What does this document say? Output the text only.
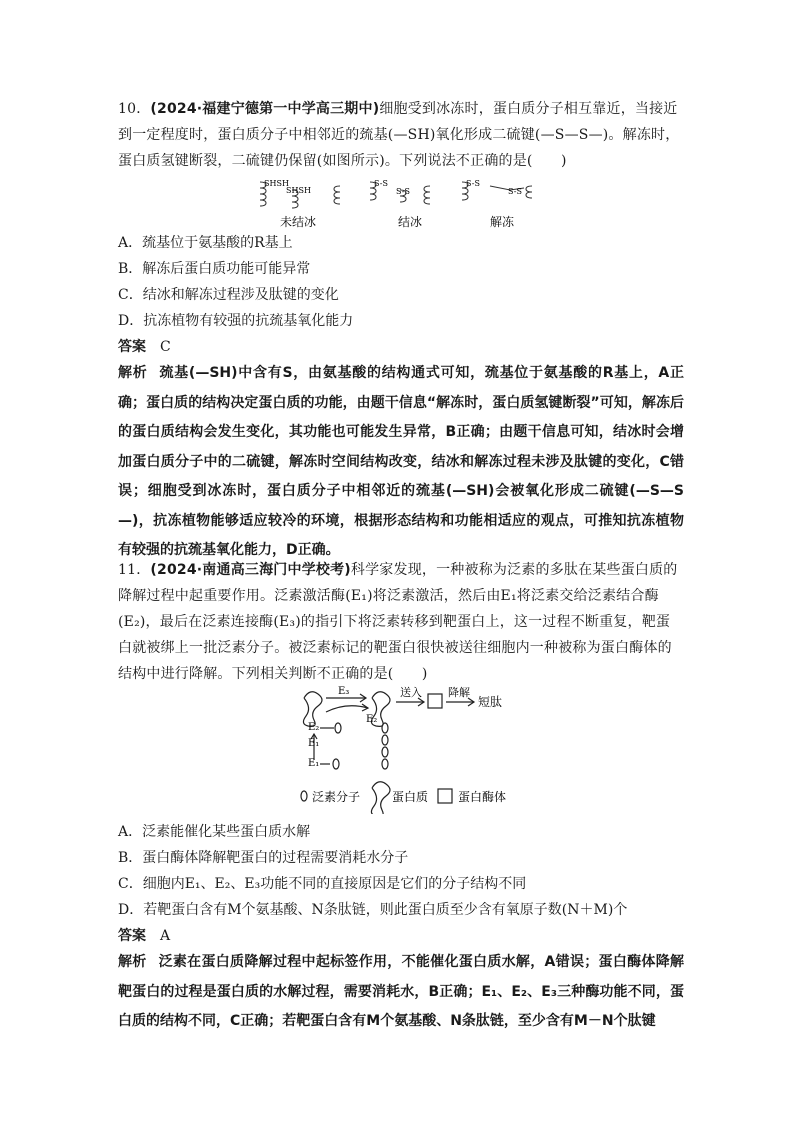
10．(2024·福建宁德第一中学高三期中)细胞受到冰冻时，蛋白质分子相互靠近，当接近到一定程度时，蛋白质分子中相邻近的巯基(—SH)氧化形成二硫键(—S—S—)。解冻时，蛋白质氢键断裂，二硫键仍保留(如图所示)。下列说法不正确的是(　　)
SHSH
SHSH
S-S
S-S
S-S
S-S
未结冰	结冰	解冻
A．巯基位于氨基酸的R基上
B．解冻后蛋白质功能可能异常
C．结冰和解冻过程涉及肽键的变化
D．抗冻植物有较强的抗巯基氧化能力
答案 C
解析 巯基(—SH)中含有S，由氨基酸的结构通式可知，巯基位于氨基酸的R基上，A正确；蛋白质的结构决定蛋白质的功能，由题干信息“解冻时，蛋白质氢键断裂”可知，解冻后的蛋白质结构会发生变化，其功能也可能发生异常，B正确；由题干信息可知，结冰时会增加蛋白质分子中的二硫键，解冻时空间结构改变，结冰和解冻过程未涉及肽键的变化，C错误；细胞受到冰冻时，蛋白质分子中相邻近的巯基(—SH)会被氧化形成二硫键(—S—S—)，抗冻植物能够适应较冷的环境，根据形态结构和功能相适应的观点，可推知抗冻植物有较强的抗巯基氧化能力，D正确。
11．(2024·南通高三海门中学校考)科学家发现，一种被称为泛素的多肽在某些蛋白质的降解过程中起重要作用。泛素激活酶(E₁)将泛素激活，然后由E₁将泛素交给泛素结合酶(E₂)，最后在泛素连接酶(E₃)的指引下将泛素转移到靶蛋白上，这一过程不断重复，靶蛋白就被绑上一批泛素分子。被泛素标记的靶蛋白很快被送往细胞内一种被称为蛋白酶体的结构中进行降解。下列相关判断不正确的是(　　)
E₃
E₂
E₂
E₁
E₁
送入 降解
短肽
泛素分子	蛋白质 蛋白酶体
A．泛素能催化某些蛋白质水解
B．蛋白酶体降解靶蛋白的过程需要消耗水分子
C．细胞内E₁、E₂、E₃功能不同的直接原因是它们的分子结构不同
D．若靶蛋白含有M个氨基酸、N条肽链，则此蛋白质至少含有氧原子数(N＋M)个
答案 A
解析 泛素在蛋白质降解过程中起标签作用，不能催化蛋白质水解，A错误；蛋白酶体降解靶蛋白的过程是蛋白质的水解过程，需要消耗水，B正确；E₁、E₂、E₃三种酶功能不同，蛋白质的结构不同，C正确；若靶蛋白含有M个氨基酸、N条肽链，至少含有M－N个肽键
